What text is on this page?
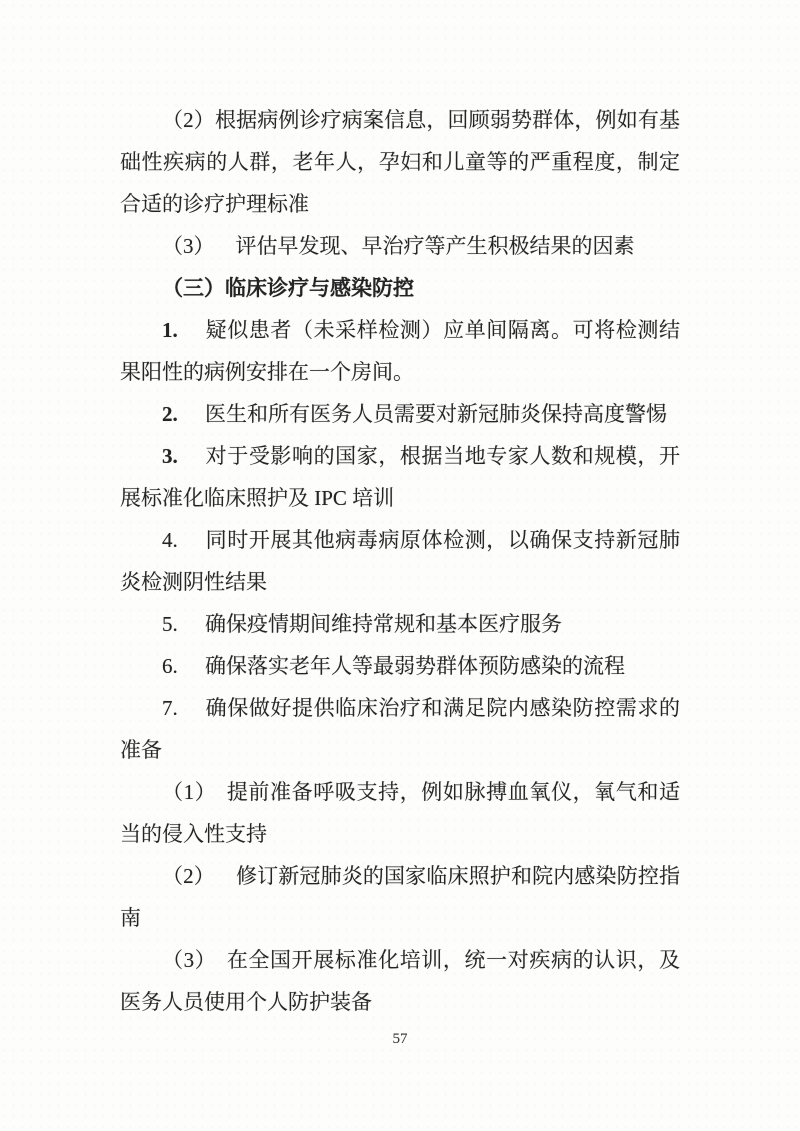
（2）根据病例诊疗病案信息，回顾弱势群体，例如有基础性疾病的人群，老年人，孕妇和儿童等的严重程度，制定合适的诊疗护理标准

（3） 评估早发现、早治疗等产生积极结果的因素

（三）临床诊疗与感染防控

1. 疑似患者（未采样检测）应单间隔离。可将检测结果阳性的病例安排在一个房间。

2. 医生和所有医务人员需要对新冠肺炎保持高度警惕

3. 对于受影响的国家，根据当地专家人数和规模，开展标准化临床照护及 IPC 培训

4. 同时开展其他病毒病原体检测，以确保支持新冠肺炎检测阴性结果

5. 确保疫情期间维持常规和基本医疗服务

6. 确保落实老年人等最弱势群体预防感染的流程

7. 确保做好提供临床治疗和满足院内感染防控需求的准备

（1） 提前准备呼吸支持，例如脉搏血氧仪，氧气和适当的侵入性支持

（2） 修订新冠肺炎的国家临床照护和院内感染防控指南

（3） 在全国开展标准化培训，统一对疾病的认识，及医务人员使用个人防护装备

57
